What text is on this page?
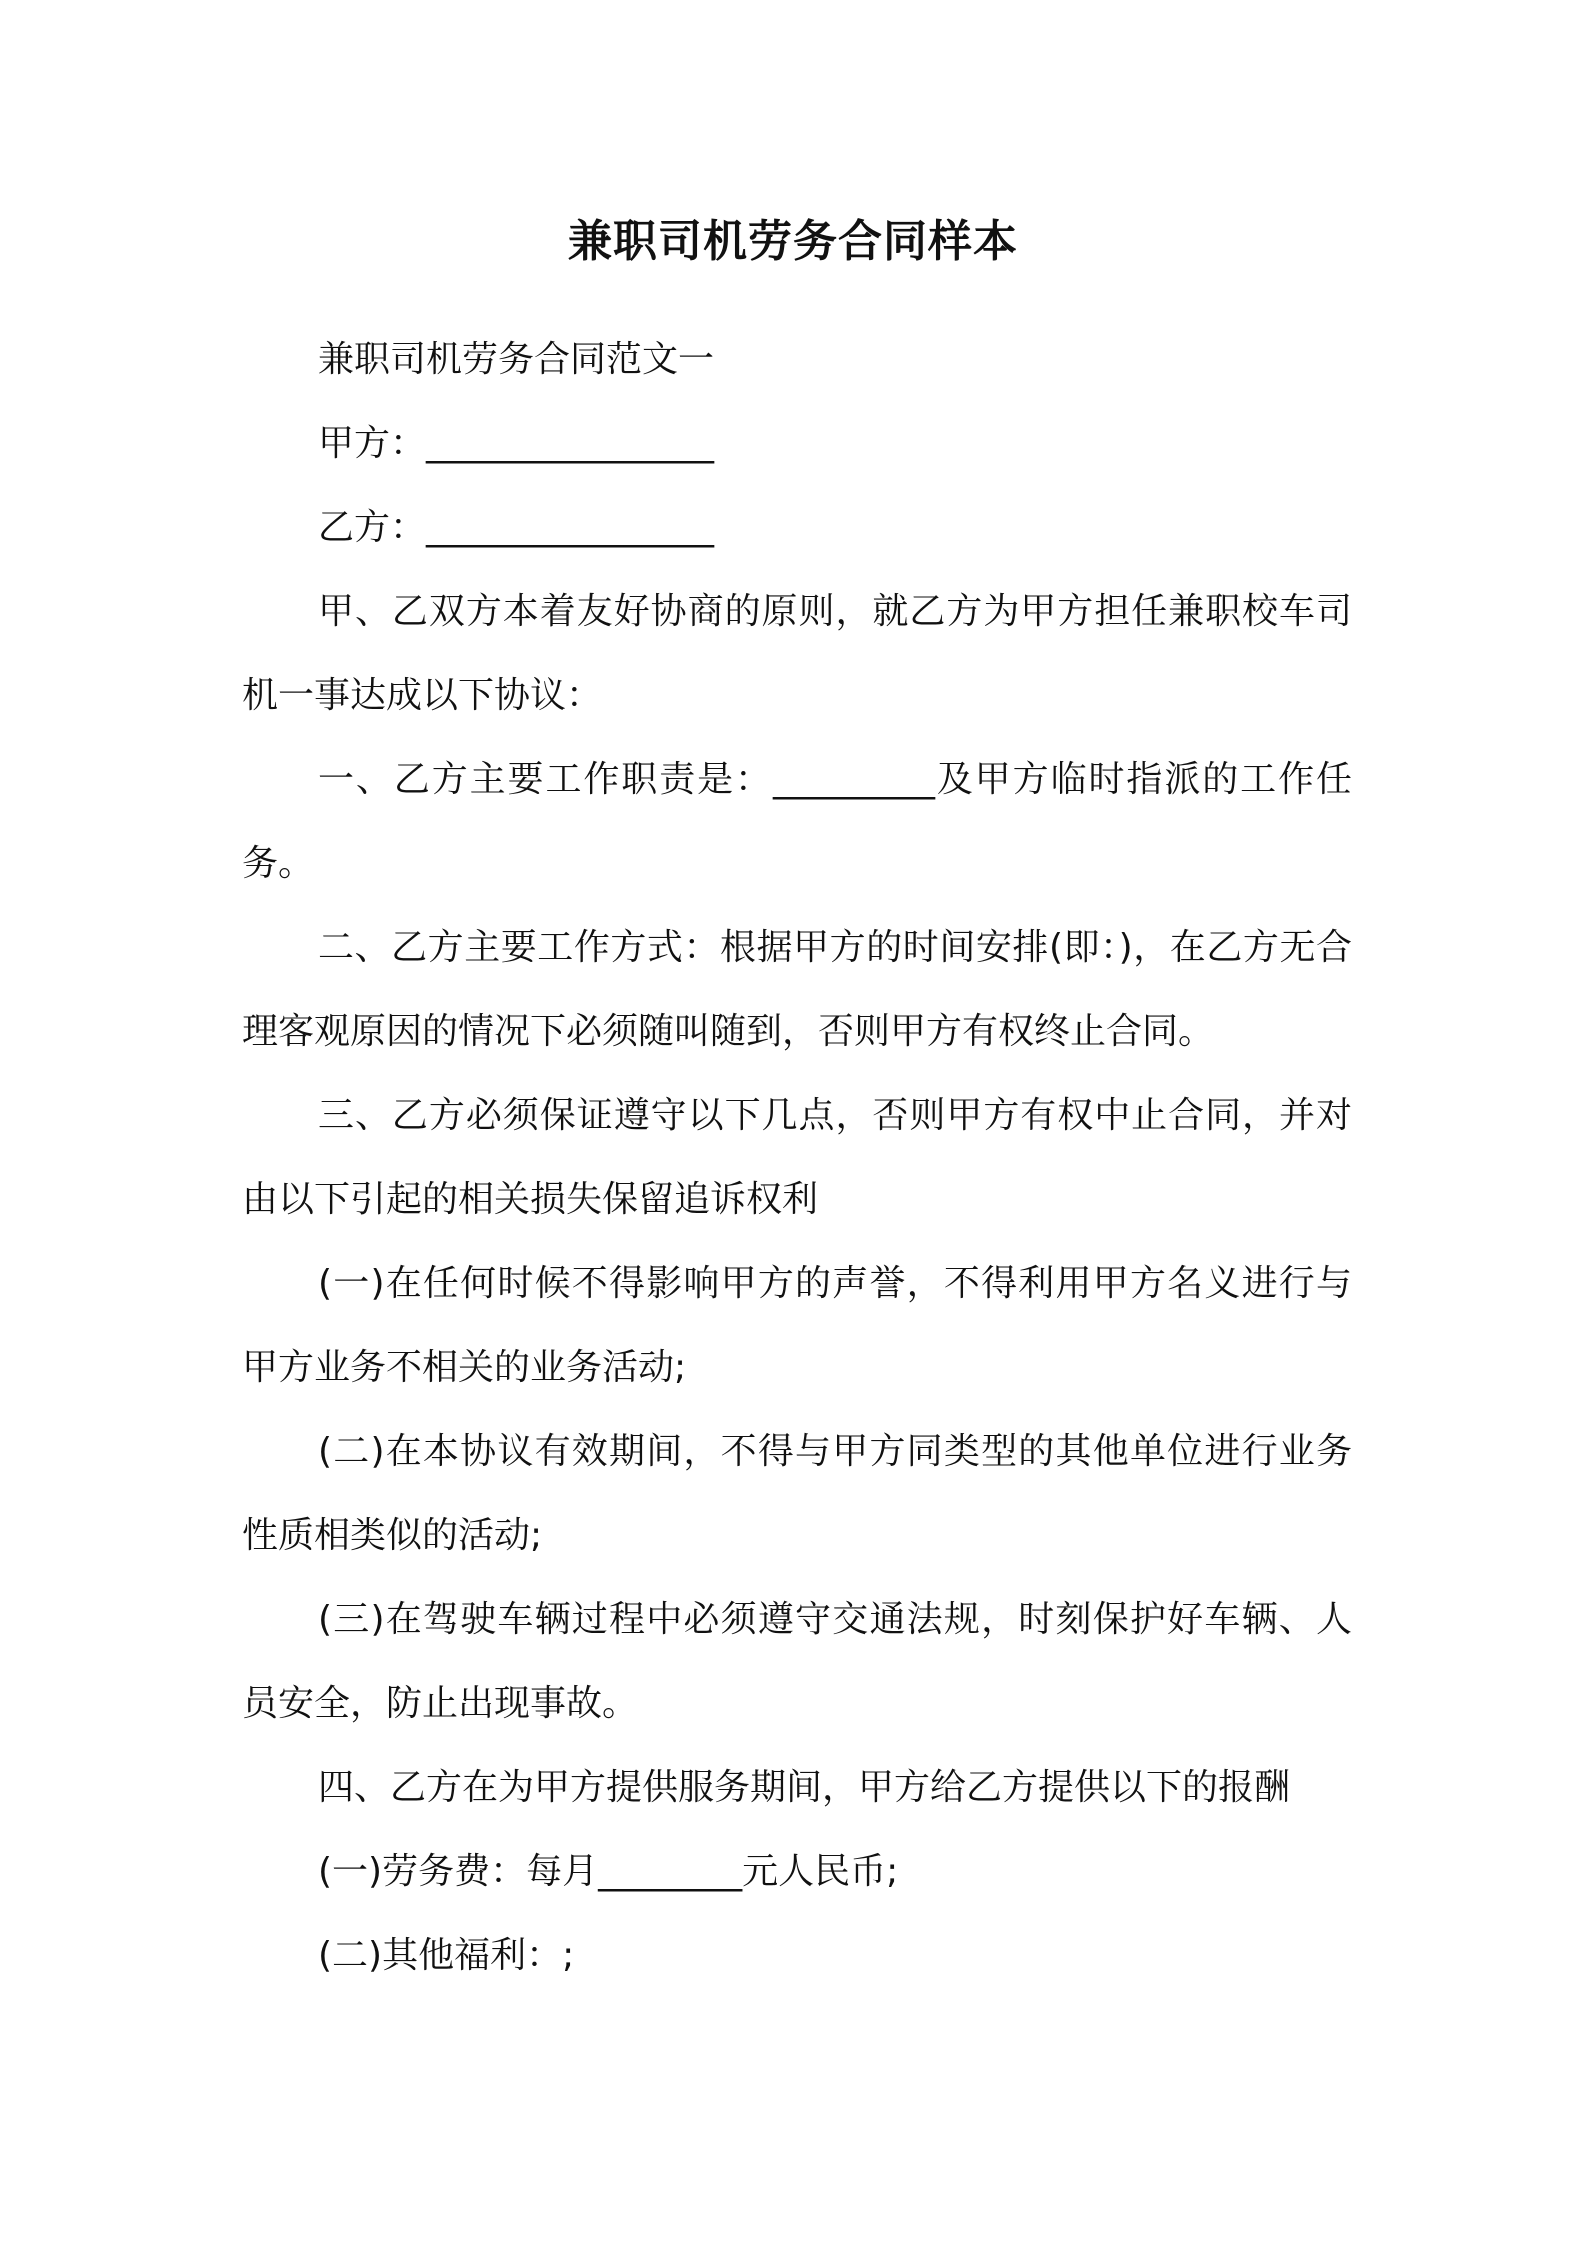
兼职司机劳务合同样本

兼职司机劳务合同范文一

甲方：________________

乙方：________________

甲、乙双方本着友好协商的原则，就乙方为甲方担任兼职校车司机一事达成以下协议：

一、乙方主要工作职责是：_________及甲方临时指派的工作任务。

二、乙方主要工作方式：根据甲方的时间安排(即：)，在乙方无合理客观原因的情况下必须随叫随到，否则甲方有权终止合同。

三、乙方必须保证遵守以下几点，否则甲方有权中止合同，并对由以下引起的相关损失保留追诉权利

(一)在任何时候不得影响甲方的声誉，不得利用甲方名义进行与甲方业务不相关的业务活动;

(二)在本协议有效期间，不得与甲方同类型的其他单位进行业务性质相类似的活动;

(三)在驾驶车辆过程中必须遵守交通法规，时刻保护好车辆、人员安全，防止出现事故。

四、乙方在为甲方提供服务期间，甲方给乙方提供以下的报酬

(一)劳务费：每月________元人民币;

(二)其他福利：;
